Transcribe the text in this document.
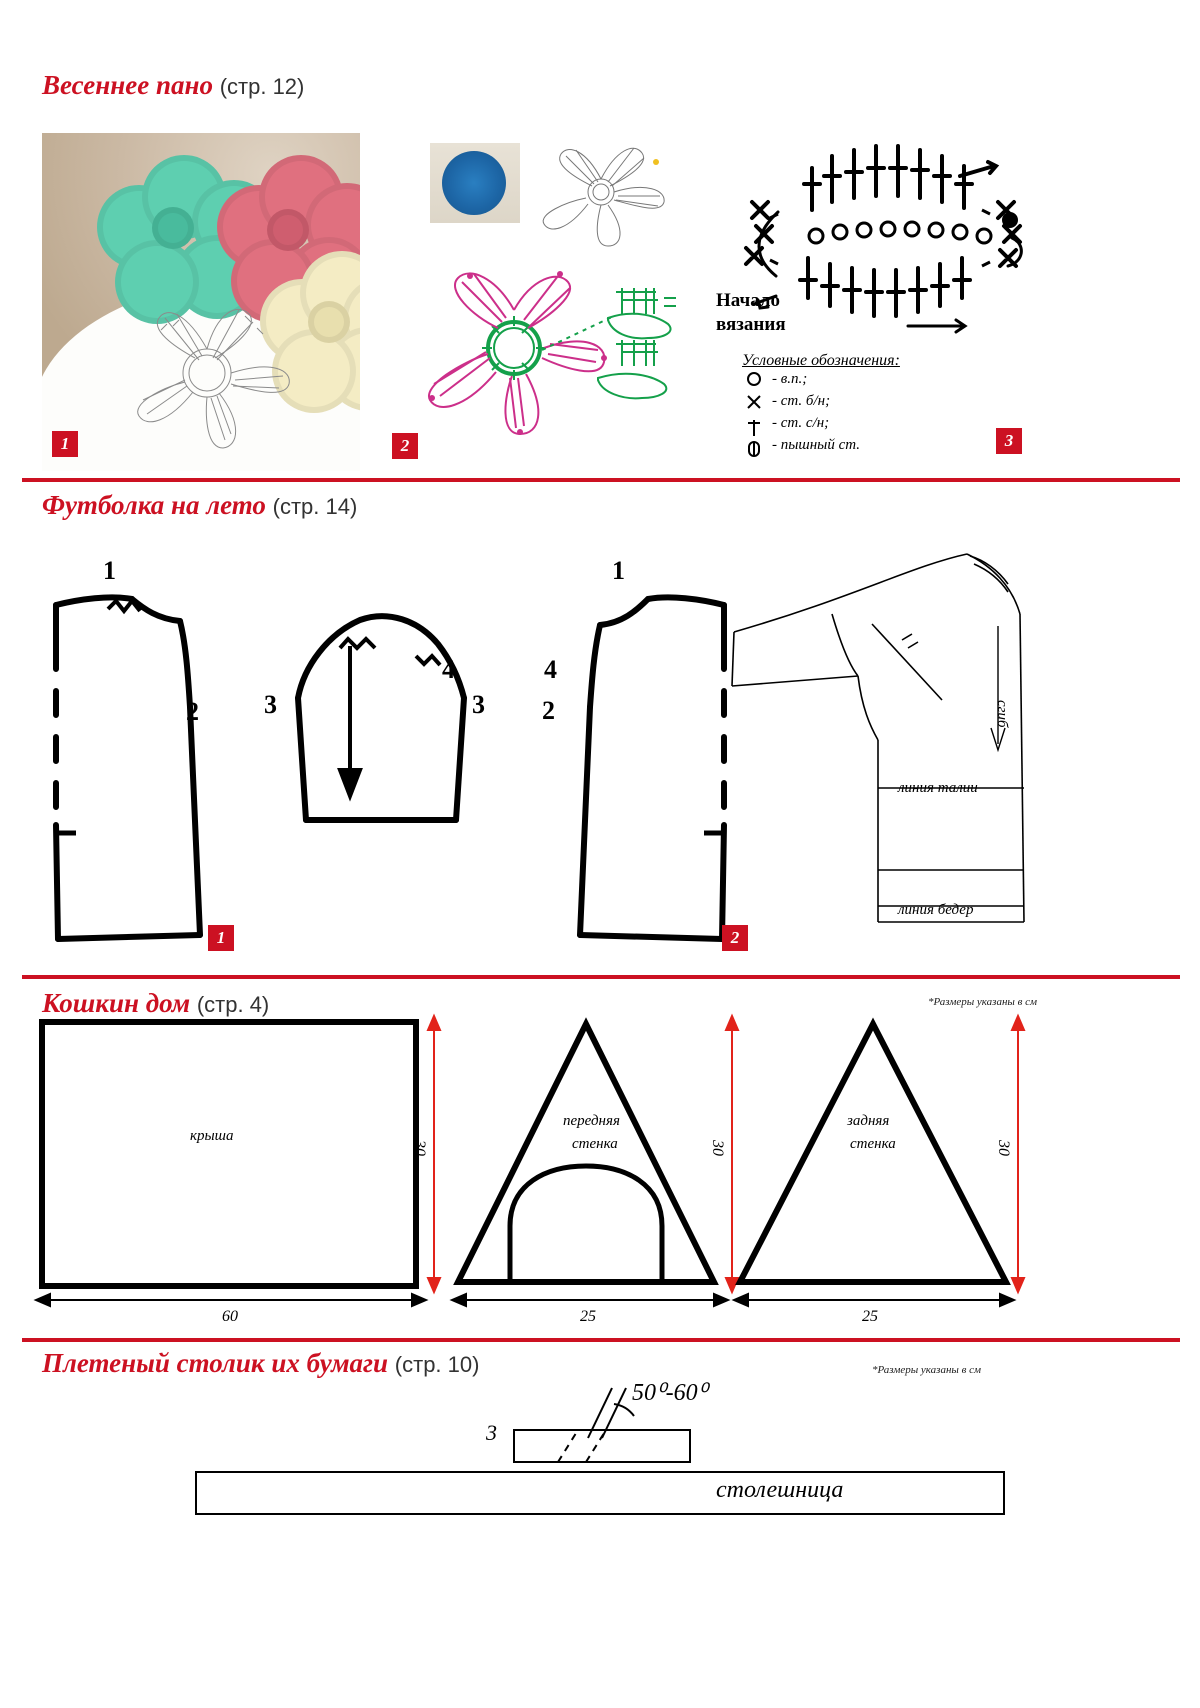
Весеннее пано (стр. 12)
1	2
Начало
вязания
Условные обозначения:
- в.п.;
- ст. б/н;
- ст. с/н;
- пышный ст.	3
Футболка на лето (стр. 14)
1
2	3	3
4
1
4
2
1	2
сгиб
линия талии
линия бедер
Кошкин дом (стр. 4)	*Размеры указаны в см
крыша
30
60
передняя
стенка	30
25
задняя
стенка	30
25
Плетеный столик их бумаги (стр. 10)	*Размеры указаны в см
3
50⁰-60⁰
столешница
